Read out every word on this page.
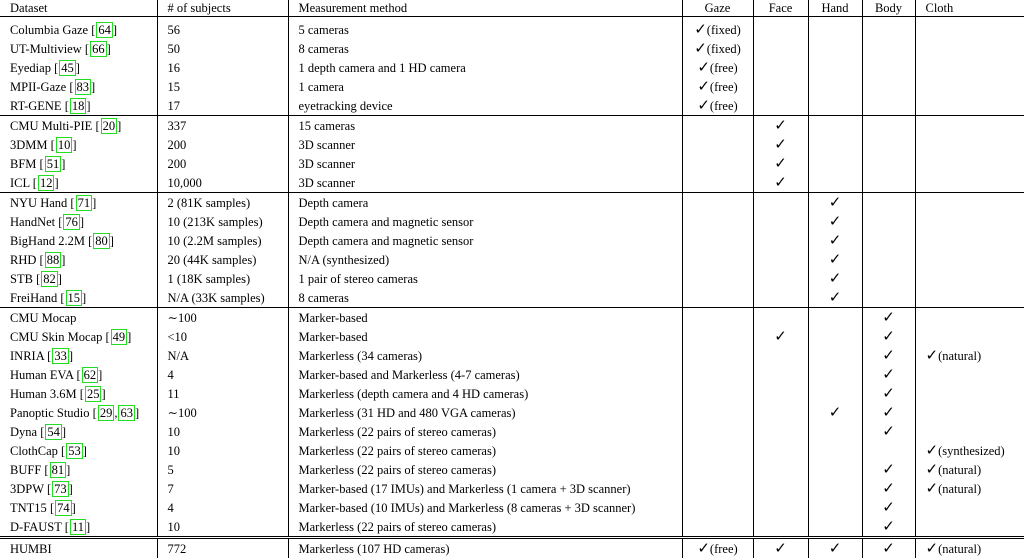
Dataset	# of subjects	Measurement method	Gaze	Face	Hand	Body	Cloth
Columbia Gaze [ 64 ]	56	5 cameras	✓(fixed)				
UT-Multiview [ 66 ]	50	8 cameras	✓(fixed)				
Eyediap [ 45 ]	16	1 depth camera and 1 HD camera	✓(free)				
MPII-Gaze [ 83 ]	15	1 camera	✓(free)				
RT-GENE [ 18 ]	17	eyetracking device	✓(free)				
CMU Multi-PIE [ 20 ]	337	15 cameras		✓			
3DMM [ 10 ]	200	3D scanner		✓			
BFM [ 51 ]	200	3D scanner		✓			
ICL [ 12 ]	10,000	3D scanner		✓			
NYU Hand [ 71 ]	2 (81K samples)	Depth camera			✓		
HandNet [ 76 ]	10 (213K samples)	Depth camera and magnetic sensor			✓		
BigHand 2.2M [ 80 ]	10 (2.2M samples)	Depth camera and magnetic sensor			✓		
RHD [ 88 ]	20 (44K samples)	N/A (synthesized)			✓		
STB [ 82 ]	1 (18K samples)	1 pair of stereo cameras			✓		
FreiHand [ 15 ]	N/A (33K samples)	8 cameras			✓		
CMU Mocap	∼100	Marker-based				✓	
CMU Skin Mocap [ 49 ]	<10	Marker-based		✓		✓	
INRIA [ 33 ]	N/A	Markerless (34 cameras)				✓	✓(natural)
Human EVA [ 62 ]	4	Marker-based and Markerless (4-7 cameras)				✓	
Human 3.6M [ 25 ]	11	Markerless (depth camera and 4 HD cameras)				✓	
Panoptic Studio [ 29 , 63 ]	∼100	Markerless (31 HD and 480 VGA cameras)			✓	✓	
Dyna [ 54 ]	10	Markerless (22 pairs of stereo cameras)				✓	
ClothCap [ 53 ]	10	Markerless (22 pairs of stereo cameras)					✓(synthesized)
BUFF [ 81 ]	5	Markerless (22 pairs of stereo cameras)				✓	✓(natural)
3DPW [ 73 ]	7	Marker-based (17 IMUs) and Markerless (1 camera + 3D scanner)				✓	✓(natural)
TNT15 [ 74 ]	4	Marker-based (10 IMUs) and Markerless (8 cameras + 3D scanner)				✓	
D-FAUST [ 11 ]	10	Markerless (22 pairs of stereo cameras)				✓	
HUMBI	772	Markerless (107 HD cameras)	✓(free)	✓	✓	✓	✓(natural)
